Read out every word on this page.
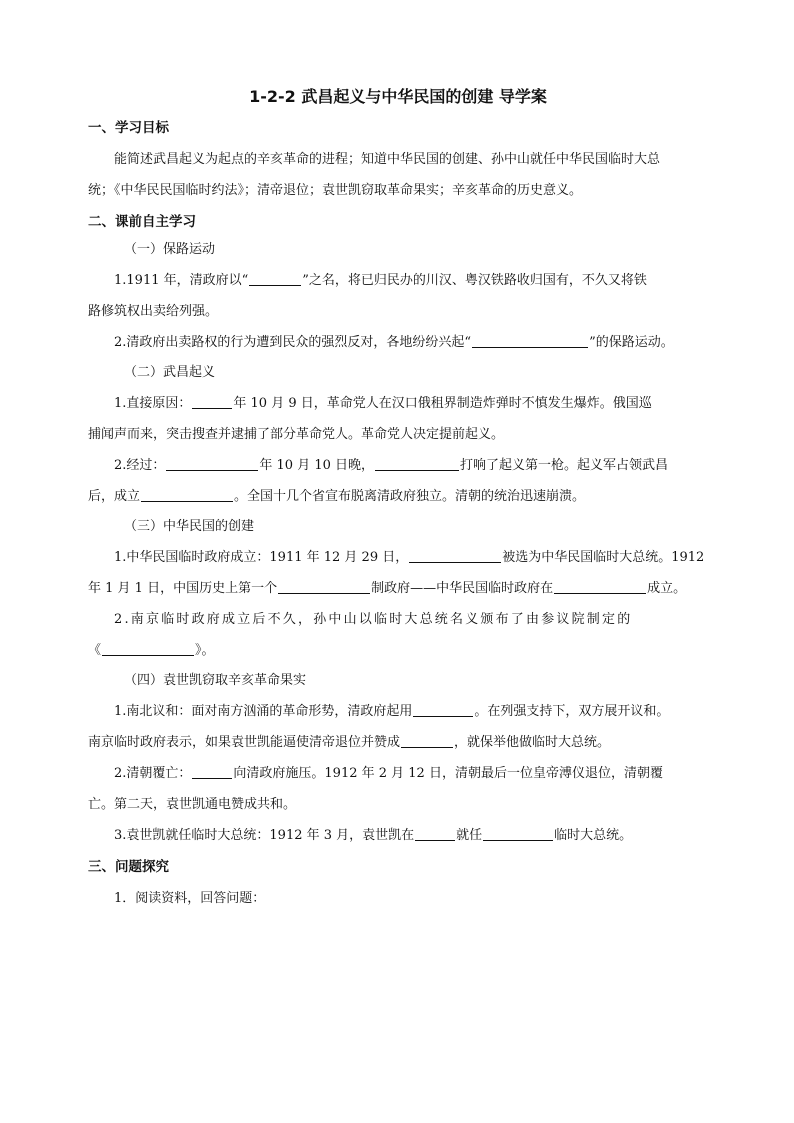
1-2-2 武昌起义与中华民国的创建 导学案
一、学习目标
能简述武昌起义为起点的辛亥革命的进程；知道中华民国的创建、孙中山就任中华民国临时大总
统；《中华民民国临时约法》；清帝退位；袁世凯窃取革命果实；辛亥革命的历史意义。
二、课前自主学习
（一）保路运动
1.1911 年，清政府以“	”之名，将已归民办的川汉、粤汉铁路收归国有，不久又将铁
路修筑权出卖给列强。
2.清政府出卖路权的行为遭到民众的强烈反对，各地纷纷兴起“	”的保路运动。
（二）武昌起义
1.直接原因：	年 10 月 9 日，革命党人在汉口俄租界制造炸弹时不慎发生爆炸。俄国巡
捕闻声而来，突击搜查并逮捕了部分革命党人。革命党人决定提前起义。
2.经过：	年 10 月 10 日晚，	打响了起义第一枪。起义军占领武昌
后，成立	。全国十几个省宣布脱离清政府独立。清朝的统治迅速崩溃。
（三）中华民国的创建
1.中华民国临时政府成立：1911 年 12 月 29 日，	被选为中华民国临时大总统。1912
年 1 月 1 日，中国历史上第一个	制政府——中华民国临时政府在	成立。
2.南京临时政府成立后不久，孙中山以临时大总统名义颁布了由参议院制定的
《	》。
（四）袁世凯窃取辛亥革命果实
1.南北议和：面对南方汹涌的革命形势，清政府起用	。在列强支持下，双方展开议和。
南京临时政府表示，如果袁世凯能逼使清帝退位并赞成	，就保举他做临时大总统。
2.清朝覆亡：	向清政府施压。1912 年 2 月 12 日，清朝最后一位皇帝溥仪退位，清朝覆
亡。第二天，袁世凯通电赞成共和。
3.袁世凯就任临时大总统：1912 年 3 月，袁世凯在	就任	临时大总统。
三、问题探究
1．阅读资料，回答问题：
